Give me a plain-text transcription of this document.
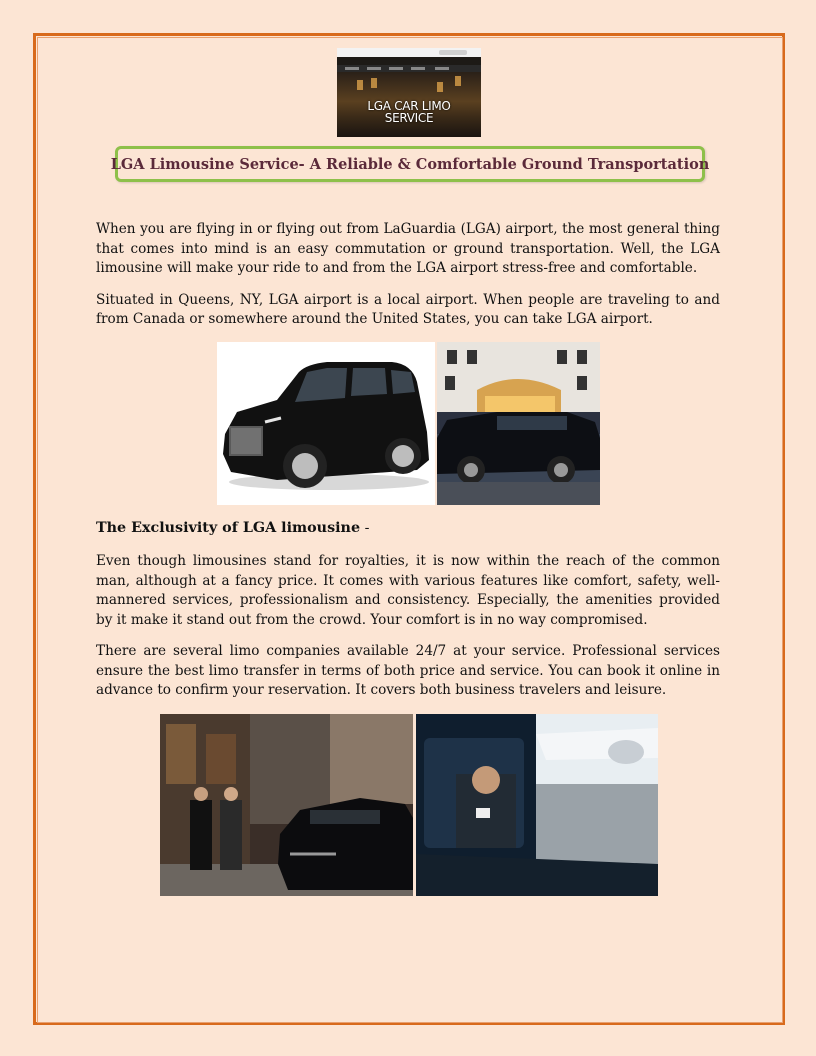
LGA CAR LIMO
SERVICE
LGA Limousine Service- A Reliable & Comfortable Ground Transportation

When you are flying in or flying out from LaGuardia (LGA) airport, the most general thing that comes into mind is an easy commutation or ground transportation. Well, the LGA limousine will make your ride to and from the LGA airport stress-free and comfortable.

Situated in Queens, NY, LGA airport is a local airport. When people are traveling to and from Canada or somewhere around the United States, you can take LGA airport.

The Exclusivity of LGA limousine -

Even though limousines stand for royalties, it is now within the reach of the common man, although at a fancy price. It comes with various features like comfort, safety, well-mannered services, professionalism and consistency. Especially, the amenities provided by it make it stand out from the crowd. Your comfort is in no way compromised.

There are several limo companies available 24/7 at your service. Professional services ensure the best limo transfer in terms of both price and service. You can book it online in advance to confirm your reservation. It covers both business travelers and leisure.
